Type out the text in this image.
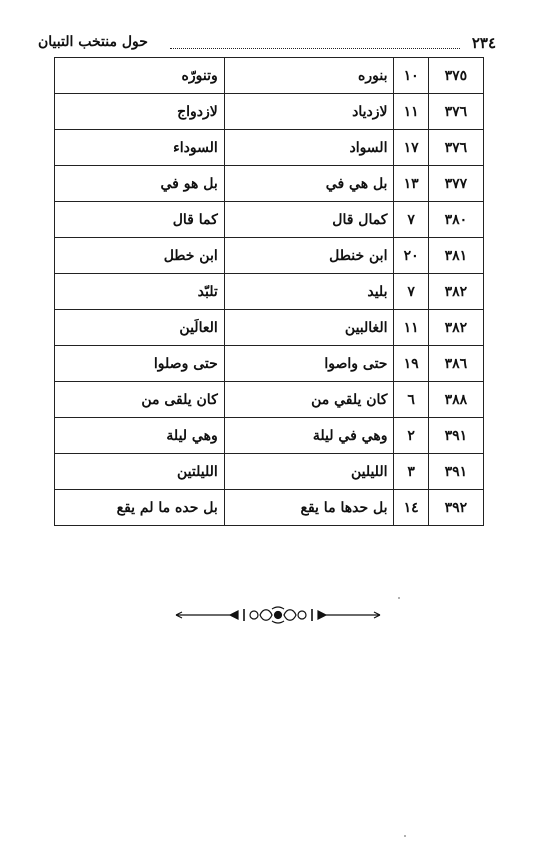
٢٣٤
حول منتخب التبيان
٣٧٥	١٠	بنوره	وتنورّه
٣٧٦	١١	لازدياد	لازدواج
٣٧٦	١٧	السواد	السوداء
٣٧٧	١٣	بل هي في	بل هو في
٣٨٠	٧	كمال قال	كما قال
٣٨١	٢٠	ابن خنطل	ابن خطل
٣٨٢	٧	بليد	تلبّد
٣٨٢	١١	الغالبين	العالَين
٣٨٦	١٩	حتى واصوا	حتى وصلوا
٣٨٨	٦	كان يلقي من	كان يلقى من
٣٩١	٢	وهي في ليلة	وهي ليلة
٣٩١	٣	الليلين	الليلتين
٣٩٢	١٤	بل حدها ما يقع	بل حده ما لم يقع
